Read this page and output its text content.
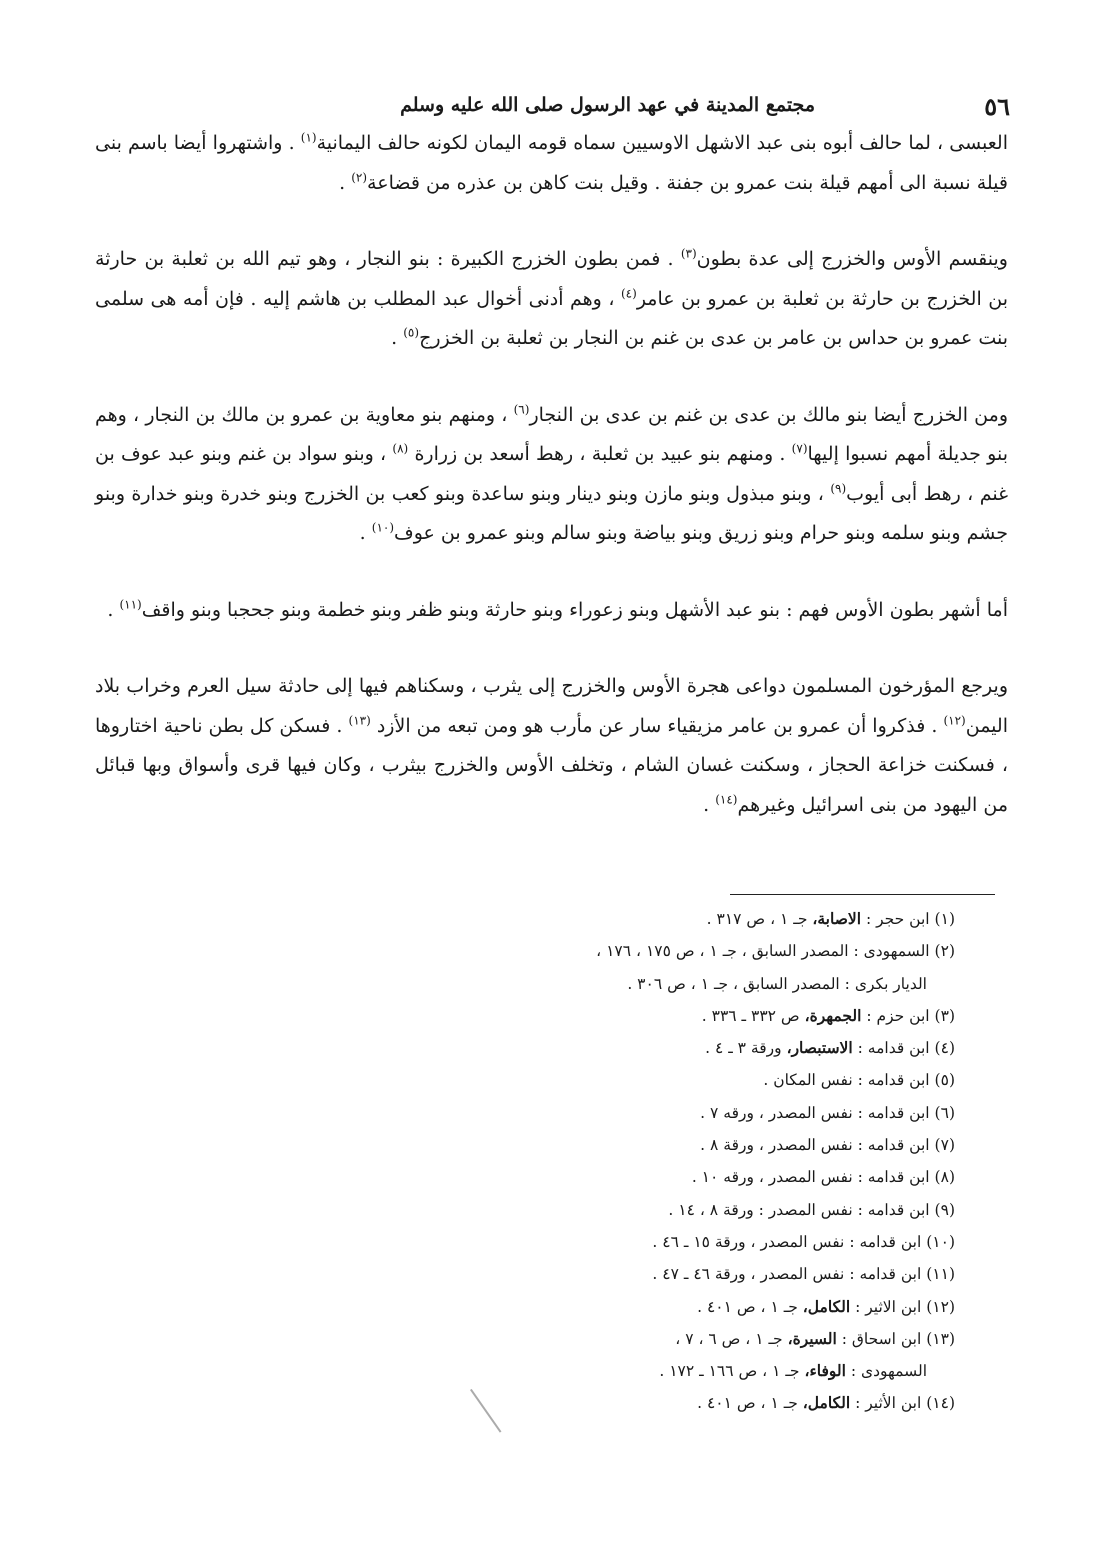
٥٦
مجتمع المدينة في عهد الرسول صلى الله عليه وسلم

العبسى ، لما حالف أبوه بنى عبد الاشهل الاوسيين سماه قومه اليمان لكونه حالف اليمانية$^{(١)}$ . واشتهروا أيضا باسم بنى قيلة نسبة الى أمهم قيلة بنت عمرو بن جفنة . وقيل بنت كاهن بن عذره من قضاعة$^{(٢)}$ .

وينقسم الأوس والخزرج إلى عدة بطون$^{(٣)}$ . فمن بطون الخزرج الكبيرة : بنو النجار ، وهو تيم الله بن ثعلبة بن حارثة بن الخزرج بن حارثة بن ثعلبة بن عمرو بن عامر$^{(٤)}$ ، وهم أدنى أخوال عبد المطلب بن هاشم إليه . فإن أمه هى سلمى بنت عمرو بن حداس بن عامر بن عدى بن غنم بن النجار بن ثعلبة بن الخزرج$^{(٥)}$ .

ومن الخزرج أيضا بنو مالك بن عدى بن غنم بن عدى بن النجار$^{(٦)}$ ، ومنهم بنو معاوية بن عمرو بن مالك بن النجار ، وهم بنو جديلة أمهم نسبوا إليها$^{(٧)}$ . ومنهم بنو عبيد بن ثعلبة ، رهط أسعد بن زرارة $^{(٨)}$ ، وبنو سواد بن غنم وبنو عبد عوف بن غنم ، رهط أبى أيوب$^{(٩)}$ ، وبنو مبذول وبنو مازن وبنو دينار وبنو ساعدة وبنو كعب بن الخزرج وبنو خدرة وبنو خدارة وبنو جشم وبنو سلمه وبنو حرام وبنو زريق وبنو بياضة وبنو سالم وبنو عمرو بن عوف$^{(١٠)}$ .

أما أشهر بطون الأوس فهم : بنو عبد الأشهل وبنو زعوراء وبنو حارثة وبنو ظفر وبنو خطمة وبنو جحجبا وبنو واقف$^{(١١)}$ .

ويرجع المؤرخون المسلمون دواعى هجرة الأوس والخزرج إلى يثرب ، وسكناهم فيها إلى حادثة سيل العرم وخراب بلاد اليمن$^{(١٢)}$ . فذكروا أن عمرو بن عامر مزيقياء سار عن مأرب هو ومن تبعه من الأزد $^{(١٣)}$ . فسكن كل بطن ناحية اختاروها ، فسكنت خزاعة الحجاز ، وسكنت غسان الشام ، وتخلف الأوس والخزرج بيثرب ، وكان فيها قرى وأسواق وبها قبائل من اليهود من بنى اسرائيل وغيرهم$^{(١٤)}$ .

(١) ابن حجر : الاصابة، جـ ١ ، ص ٣١٧ .
(٢) السمهودى : المصدر السابق ، جـ ١ ، ص ١٧٥ ، ١٧٦ ،
الديار بكرى : المصدر السابق ، جـ ١ ، ص ٣٠٦ .
(٣) ابن حزم : الجمهرة، ص ٣٣٢ ـ ٣٣٦ .
(٤) ابن قدامه : الاستبصار، ورقة ٣ ـ ٤ .
(٥) ابن قدامه : نفس المكان .
(٦) ابن قدامه : نفس المصدر ، ورقه ٧ .
(٧) ابن قدامه : نفس المصدر ، ورقة ٨ .
(٨) ابن قدامه : نفس المصدر ، ورقه ١٠ .
(٩) ابن قدامه : نفس المصدر : ورقة ٨ ، ١٤ .
(١٠) ابن قدامه : نفس المصدر ، ورقة ١٥ ـ ٤٦ .
(١١) ابن قدامه : نفس المصدر ، ورقة ٤٦ ـ ٤٧ .
(١٢) ابن الاثير : الكامل، جـ ١ ، ص ٤٠١ .
(١٣) ابن اسحاق : السيرة، جـ ١ ، ص ٦ ، ٧ ،
السمهودى : الوفاء، جـ ١ ، ص ١٦٦ ـ ١٧٢ .
(١٤) ابن الأثير : الكامل، جـ ١ ، ص ٤٠١ .
